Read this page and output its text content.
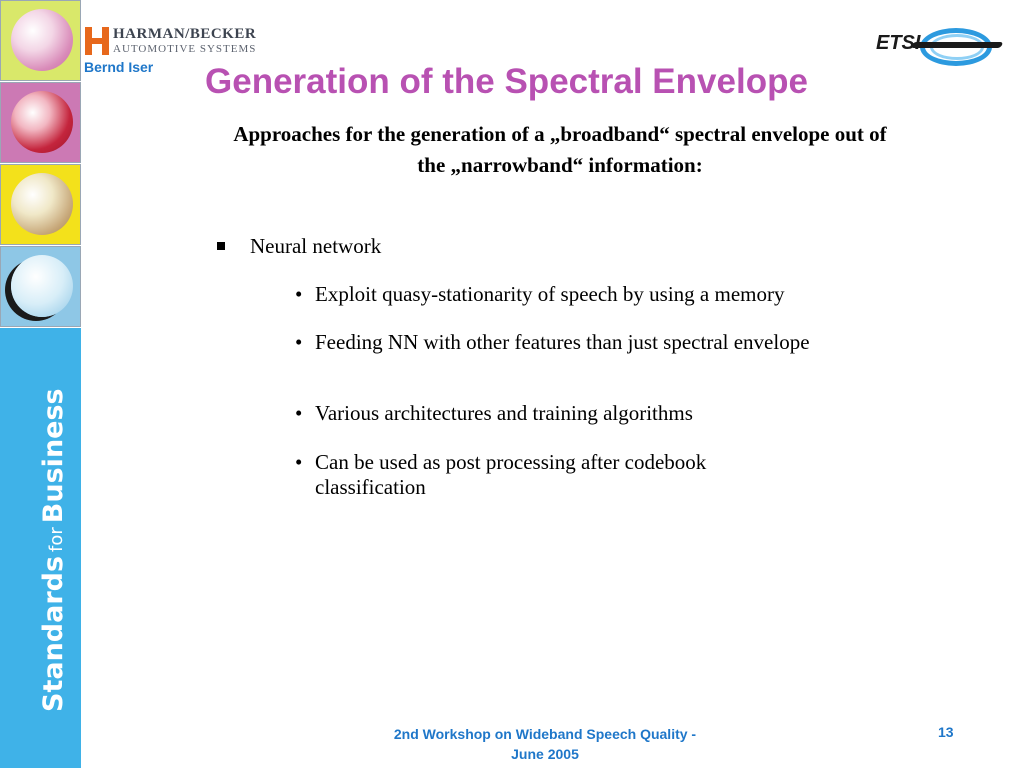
StandardsforBusiness
HARMAN/BECKER
AUTOMOTIVE SYSTEMS
Bernd Iser
ETSI
Generation of the Spectral Envelope
Approaches for the generation of a „broadband“ spectral envelope out of the „narrowband“ information:
Neural network
• Exploit quasy-stationarity of speech by using a memory
• Feeding NN with other features than just spectral envelope
• Various architectures and training algorithms
• Can be used as post processing after codebook classification
2nd Workshop on Wideband Speech Quality - June 2005
13
